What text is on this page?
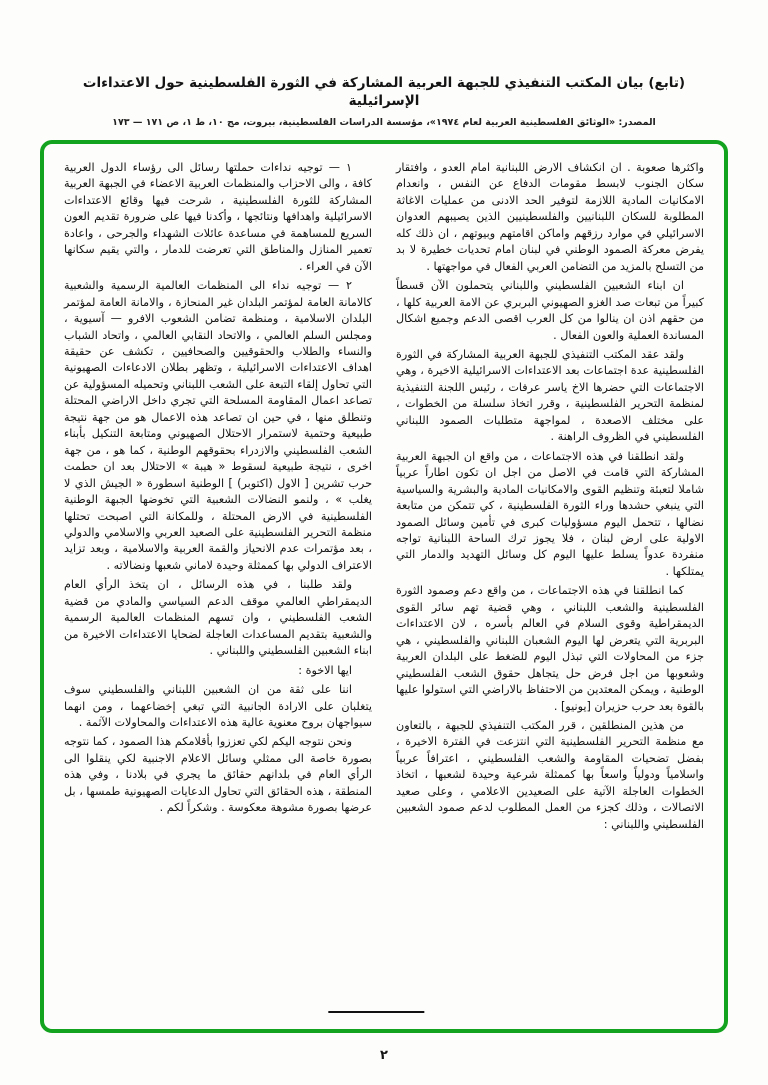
(تابع) بيان المكتب التنفيذي للجبهة العربية المشاركة في الثورة الفلسطينية حول الاعتداءات الإسرائيلية

المصدر: «الوثائق الفلسطينية العربية لعام ١٩٧٤»، مؤسسة الدراسات الفلسطينية، بيروت، مج ١٠، ط ١، ص ١٧١ — ١٧٣

واكثرها صعوبة . ان انكشاف الارض اللبنانية امام العدو ، وافتقار سكان الجنوب لابسط مقومات الدفاع عن النفس ، وانعدام الامكانيات المادية اللازمة لتوفير الحد الادنى من عمليات الاغاثة المطلوبة للسكان اللبنانيين والفلسطينيين الذين يصيبهم العدوان الاسرائيلي في موارد رزقهم واماكن اقامتهم وبيوتهم ، ان ذلك كله يفرض معركة الصمود الوطني في لبنان امام تحديات خطيرة لا بد من التسلح بالمزيد من التضامن العربي الفعال في مواجهتها .

ان ابناء الشعبين الفلسطيني واللبناني يتحملون الآن قسطاً كبيراً من تبعات صد الغزو الصهيوني البربري عن الامة العربية كلها ، من حقهم اذن ان ينالوا من كل العرب اقصى الدعم وجميع اشكال المساندة العملية والعون الفعال .

ولقد عقد المكتب التنفيذي للجبهة العربية المشاركة في الثورة الفلسطينية عدة اجتماعات بعد الاعتداءات الاسرائيلية الاخيرة ، وهي الاجتماعات التي حضرها الاخ ياسر عرفات ، رئيس اللجنة التنفيذية لمنظمة التحرير الفلسطينية ، وقرر اتخاذ سلسلة من الخطوات ، على مختلف الاصعدة ، لمواجهة متطلبات الصمود اللبناني الفلسطيني في الظروف الراهنة .

ولقد انطلقنا في هذه الاجتماعات ، من واقع ان الجبهة العربية المشاركة التي قامت في الاصل من اجل ان تكون اطاراً عربياً شاملا لتعبئة وتنظيم القوى والامكانيات المادية والبشرية والسياسية التي ينبغي حشدها وراء الثورة الفلسطينية ، كي تتمكن من متابعة نضالها ، تتحمل اليوم مسؤوليات كبرى في تأمين وسائل الصمود الاولية على ارض لبنان ، فلا يجوز ترك الساحة اللبنانية تواجه منفردة عدواً يسلط عليها اليوم كل وسائل التهديد والدمار التي يمتلكها .

كما انطلقنا في هذه الاجتماعات ، من واقع دعم وصمود الثورة الفلسطينية والشعب اللبناني ، وهي قضية تهم سائر القوى الديمقراطية وقوى السلام في العالم بأسره ، لان الاعتداءات البربرية التي يتعرض لها اليوم الشعبان اللبناني والفلسطيني ، هي جزء من المحاولات التي تبذل اليوم للضغط على البلدان العربية وشعوبها من اجل فرض حل يتجاهل حقوق الشعب الفلسطيني الوطنية ، ويمكن المعتدين من الاحتفاظ بالاراضي التي استولوا عليها بالقوة بعد حرب حزيران [يونيو] .

من هذين المنطلقين ، قرر المكتب التنفيذي للجبهة ، بالتعاون مع منظمة التحرير الفلسطينية التي انتزعت في الفترة الاخيرة ، بفضل تضحيات المقاومة والشعب الفلسطيني ، اعترافاً عربياً واسلامياً ودولياً واسعاً بها كممثلة شرعية وحيدة لشعبها ، اتخاذ الخطوات العاجلة الآتية على الصعيدين الاعلامي ، وعلى صعيد الاتصالات ، وذلك كجزء من العمل المطلوب لدعم صمود الشعبين الفلسطيني واللبناني :

١ — توجيه نداءات حملتها رسائل الى رؤساء الدول العربية كافة ، والى الاحزاب والمنظمات العربية الاعضاء في الجبهة العربية المشاركة للثورة الفلسطينية ، شرحت فيها وقائع الاعتداءات الاسرائيلية واهدافها ونتائجها ، وأكدنا فيها على ضرورة تقديم العون السريع للمساهمة في مساعدة عائلات الشهداء والجرحى ، واعادة تعمير المنازل والمناطق التي تعرضت للدمار ، والتي يقيم سكانها الآن في العراء .

٢ — توجيه نداء الى المنظمات العالمية الرسمية والشعبية كالامانة العامة لمؤتمر البلدان غير المنحازة ، والامانة العامة لمؤتمر البلدان الاسلامية ، ومنظمة تضامن الشعوب الافرو — آسيوية ، ومجلس السلم العالمي ، والاتحاد النقابي العالمي ، واتحاد الشباب والنساء والطلاب والحقوقيين والصحافيين ، تكشف عن حقيقة اهداف الاعتداءات الاسرائيلية ، وتظهر بطلان الادعاءات الصهيونية التي تحاول إلقاء التبعة على الشعب اللبناني وتحميله المسؤولية عن تصاعد اعمال المقاومة المسلحة التي تجري داخل الاراضي المحتلة وتنطلق منها ، في حين ان تصاعد هذه الاعمال هو من جهة نتيجة طبيعية وحتمية لاستمرار الاحتلال الصهيوني ومتابعة التنكيل بأبناء الشعب الفلسطيني والازدراء بحقوقهم الوطنية ، كما هو ، من جهة اخرى ، نتيجة طبيعية لسقوط « هيبة » الاحتلال بعد ان حطمت حرب تشرين [ الاول (اكتوبر) ] الوطنية اسطورة « الجيش الذي لا يغلب » ، ولنمو النضالات الشعبية التي تخوضها الجبهة الوطنية الفلسطينية في الارض المحتلة ، وللمكانة التي اصبحت تحتلها منظمة التحرير الفلسطينية على الصعيد العربي والاسلامي والدولي ، بعد مؤتمرات عدم الانحياز والقمة العربية والاسلامية ، وبعد تزايد الاعتراف الدولي بها كممثلة وحيدة لاماني شعبها ونضالاته .

ولقد طلبنا ، في هذه الرسائل ، ان يتخذ الرأي العام الديمقراطي العالمي موقف الدعم السياسي والمادي من قضية الشعب الفلسطيني ، وان تسهم المنظمات العالمية الرسمية والشعبية بتقديم المساعدات العاجلة لضحايا الاعتداءات الاخيرة من ابناء الشعبين الفلسطيني واللبناني .

ايها الاخوة :

اننا على ثقة من ان الشعبين اللبناني والفلسطيني سوف يتغلبان على الارادة الجانبية التي تبغي إخضاعهما ، ومن انهما سيواجهان بروح معنوية عالية هذه الاعتداءات والمحاولات الآثمة .

ونحن نتوجه اليكم لكي تعززوا بأقلامكم هذا الصمود ، كما نتوجه بصورة خاصة الى ممثلي وسائل الاعلام الاجنبية لكي ينقلوا الى الرأي العام في بلدانهم حقائق ما يجري في بلادنا ، وفي هذه المنطقة ، هذه الحقائق التي تحاول الدعايات الصهيونية طمسها ، بل عرضها بصورة مشوهة معكوسة . وشكراً لكم .

٢
